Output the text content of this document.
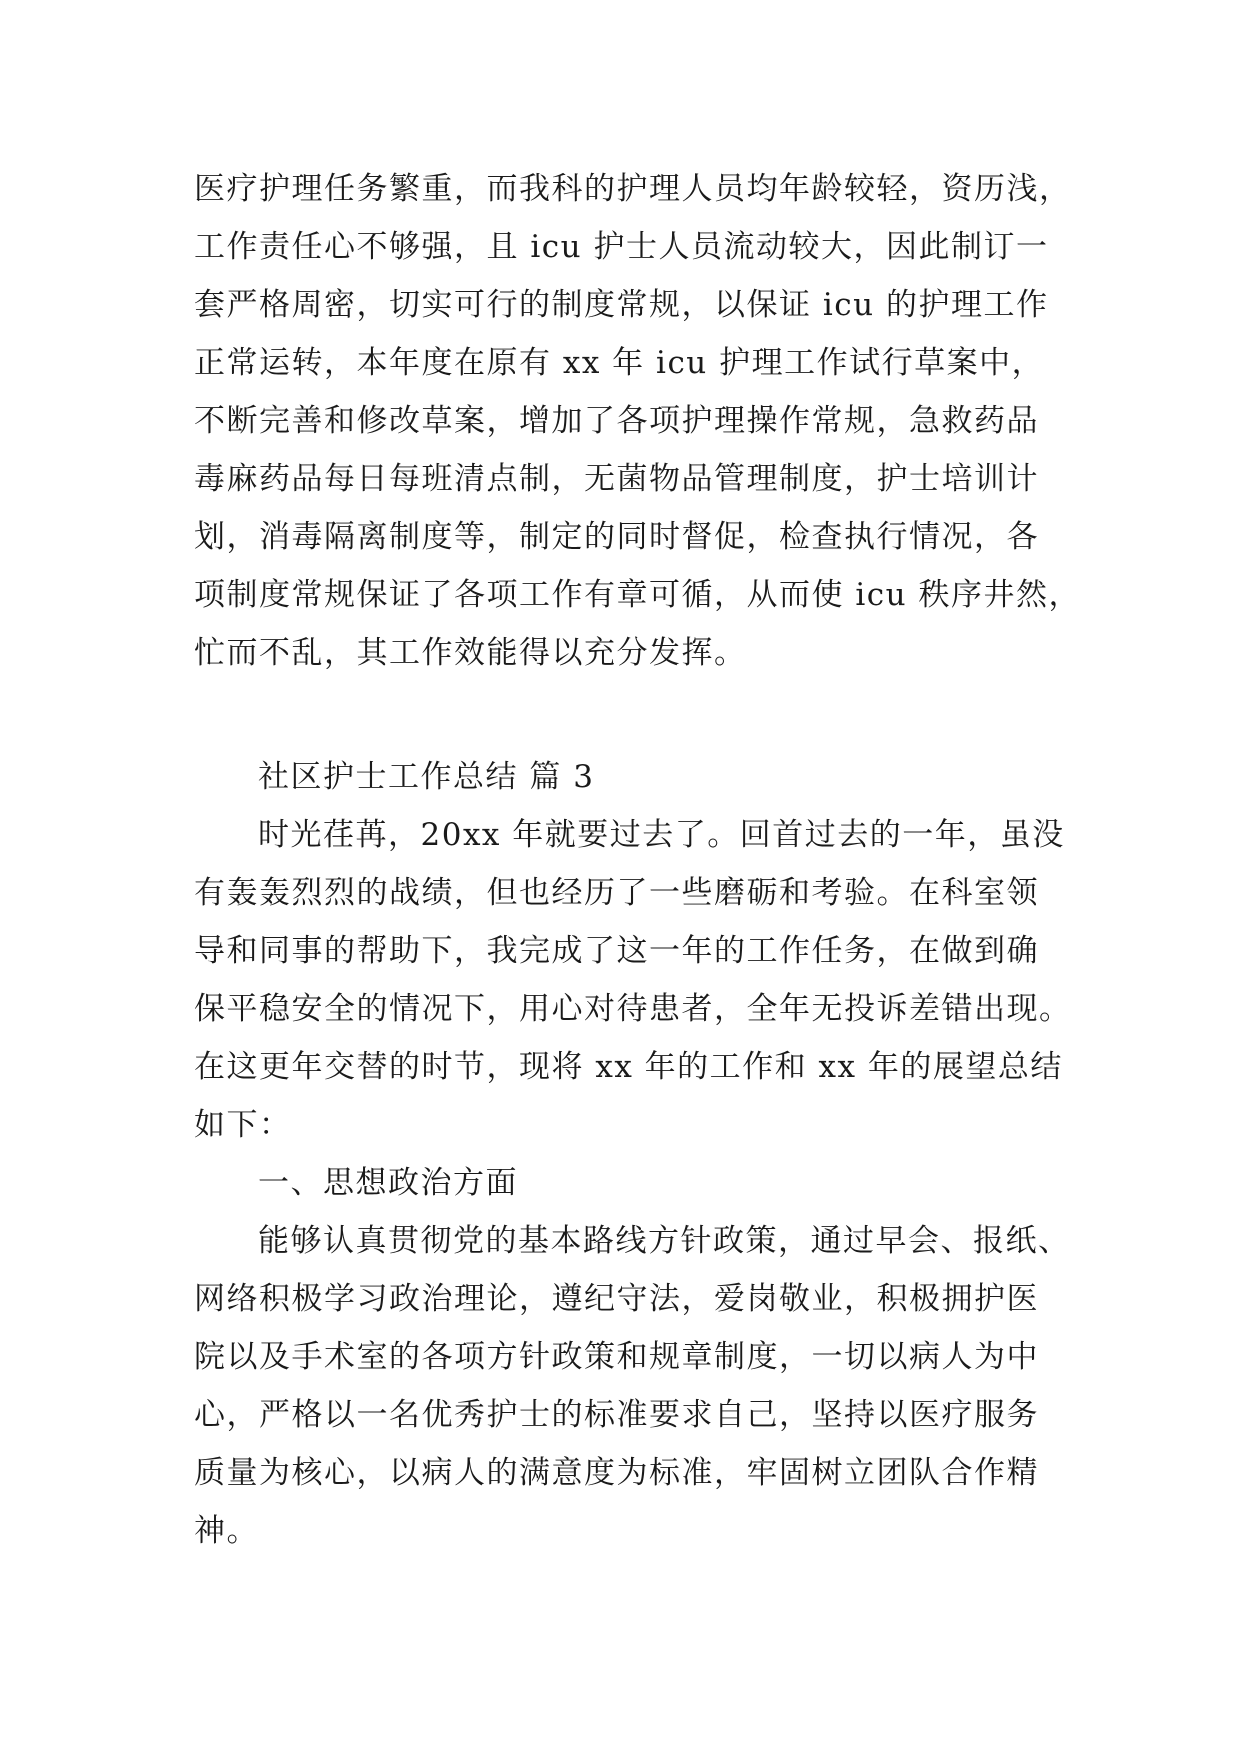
医疗护理任务繁重，而我科的护理人员均年龄较轻，资历浅，
工作责任心不够强，且 icu 护士人员流动较大，因此制订一
套严格周密，切实可行的制度常规，以保证 icu 的护理工作
正常运转，本年度在原有 xx 年 icu 护理工作试行草案中，
不断完善和修改草案，增加了各项护理操作常规，急救药品
毒麻药品每日每班清点制，无菌物品管理制度，护士培训计
划，消毒隔离制度等，制定的同时督促，检查执行情况，各
项制度常规保证了各项工作有章可循，从而使 icu 秩序井然，
忙而不乱，其工作效能得以充分发挥。
社区护士工作总结 篇 3
时光荏苒，20xx 年就要过去了。回首过去的一年，虽没
有轰轰烈烈的战绩，但也经历了一些磨砺和考验。在科室领
导和同事的帮助下，我完成了这一年的工作任务，在做到确
保平稳安全的情况下，用心对待患者，全年无投诉差错出现。
在这更年交替的时节，现将 xx 年的工作和 xx 年的展望总结
如下：
一、思想政治方面
能够认真贯彻党的基本路线方针政策，通过早会、报纸、
网络积极学习政治理论，遵纪守法，爱岗敬业，积极拥护医
院以及手术室的各项方针政策和规章制度，一切以病人为中
心，严格以一名优秀护士的标准要求自己，坚持以医疗服务
质量为核心，以病人的满意度为标准，牢固树立团队合作精
神。
